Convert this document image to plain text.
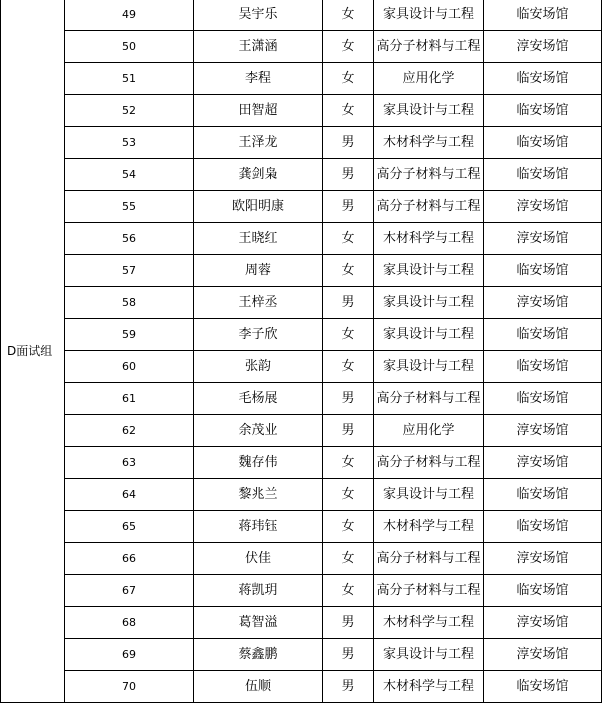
D面试组	49	吴宇乐	女	家具设计与工程	临安场馆
	50	王潇涵	女	高分子材料与工程	淳安场馆
	51	李程	女	应用化学	临安场馆
	52	田智超	女	家具设计与工程	临安场馆
	53	王泽龙	男	木材科学与工程	临安场馆
	54	龚剑枭	男	高分子材料与工程	临安场馆
	55	欧阳明康	男	高分子材料与工程	淳安场馆
	56	王晓红	女	木材科学与工程	淳安场馆
	57	周蓉	女	家具设计与工程	临安场馆
	58	王梓丞	男	家具设计与工程	淳安场馆
	59	李子欣	女	家具设计与工程	临安场馆
	60	张韵	女	家具设计与工程	临安场馆
	61	毛杨展	男	高分子材料与工程	临安场馆
	62	余茂业	男	应用化学	淳安场馆
	63	魏存伟	女	高分子材料与工程	淳安场馆
	64	黎兆兰	女	家具设计与工程	临安场馆
	65	蒋玮钰	女	木材科学与工程	临安场馆
	66	伏佳	女	高分子材料与工程	淳安场馆
	67	蒋凯玥	女	高分子材料与工程	临安场馆
	68	葛智溢	男	木材科学与工程	淳安场馆
	69	蔡鑫鹏	男	家具设计与工程	淳安场馆
	70	伍顺	男	木材科学与工程	临安场馆
